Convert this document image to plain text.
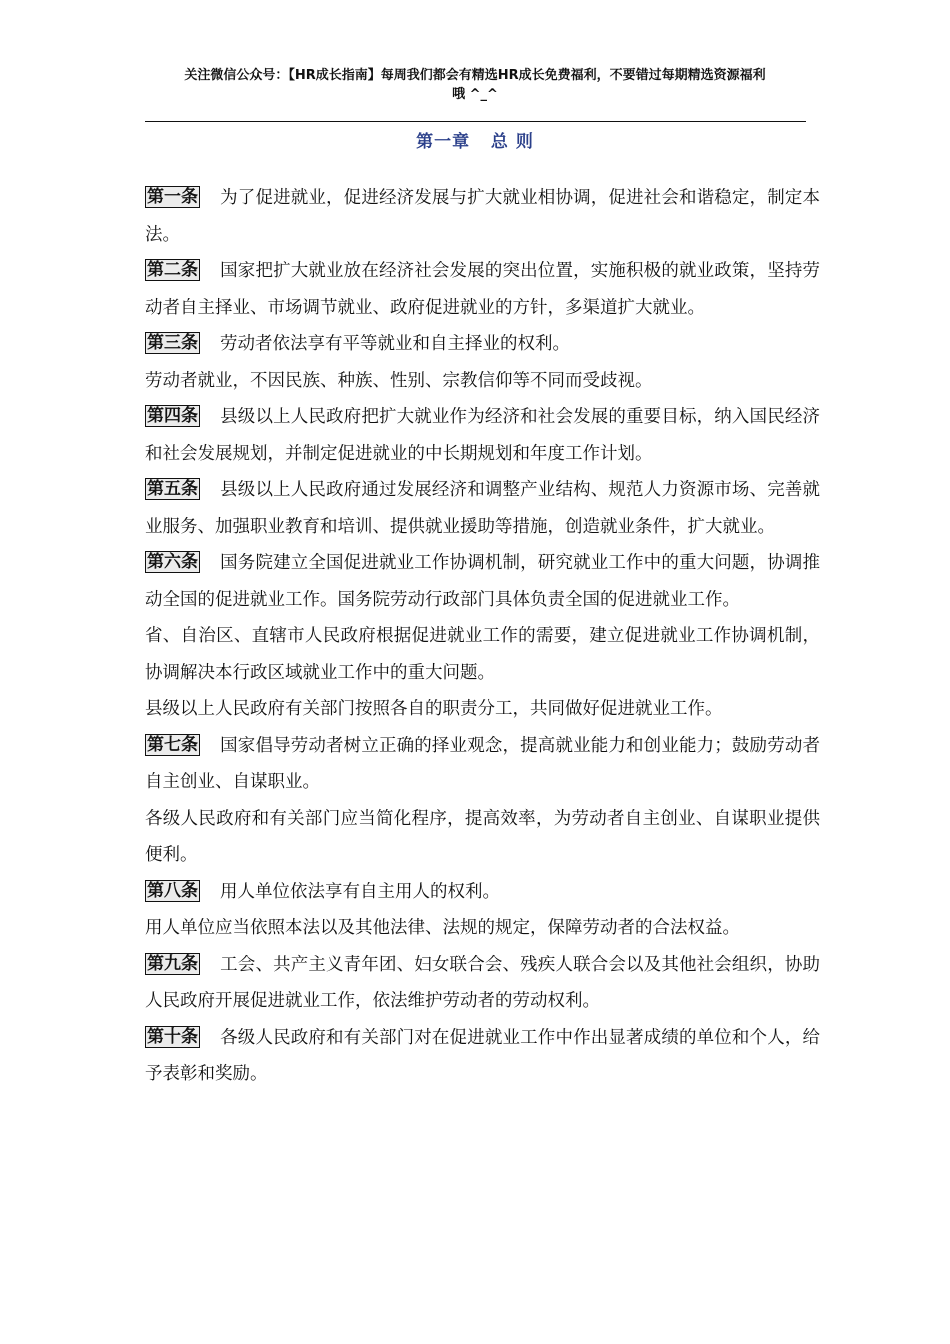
关注微信公众号：【HR成长指南】每周我们都会有精选HR成长免费福利，不要错过每期精选资源福利
哦 ^_^
第一章   总 则

第一条 为了促进就业，促进经济发展与扩大就业相协调，促进社会和谐稳定，制定本法。

第二条 国家把扩大就业放在经济社会发展的突出位置，实施积极的就业政策，坚持劳动者自主择业、市场调节就业、政府促进就业的方针，多渠道扩大就业。

第三条 劳动者依法享有平等就业和自主择业的权利。

劳动者就业，不因民族、种族、性别、宗教信仰等不同而受歧视。

第四条 县级以上人民政府把扩大就业作为经济和社会发展的重要目标，纳入国民经济和社会发展规划，并制定促进就业的中长期规划和年度工作计划。

第五条 县级以上人民政府通过发展经济和调整产业结构、规范人力资源市场、完善就业服务、加强职业教育和培训、提供就业援助等措施，创造就业条件，扩大就业。

第六条 国务院建立全国促进就业工作协调机制，研究就业工作中的重大问题，协调推动全国的促进就业工作。国务院劳动行政部门具体负责全国的促进就业工作。

省、自治区、直辖市人民政府根据促进就业工作的需要，建立促进就业工作协调机制，协调解决本行政区域就业工作中的重大问题。

县级以上人民政府有关部门按照各自的职责分工，共同做好促进就业工作。

第七条 国家倡导劳动者树立正确的择业观念，提高就业能力和创业能力；鼓励劳动者自主创业、自谋职业。

各级人民政府和有关部门应当简化程序，提高效率，为劳动者自主创业、自谋职业提供便利。

第八条 用人单位依法享有自主用人的权利。

用人单位应当依照本法以及其他法律、法规的规定，保障劳动者的合法权益。

第九条 工会、共产主义青年团、妇女联合会、残疾人联合会以及其他社会组织，协助人民政府开展促进就业工作，依法维护劳动者的劳动权利。

第十条 各级人民政府和有关部门对在促进就业工作中作出显著成绩的单位和个人，给予表彰和奖励。
